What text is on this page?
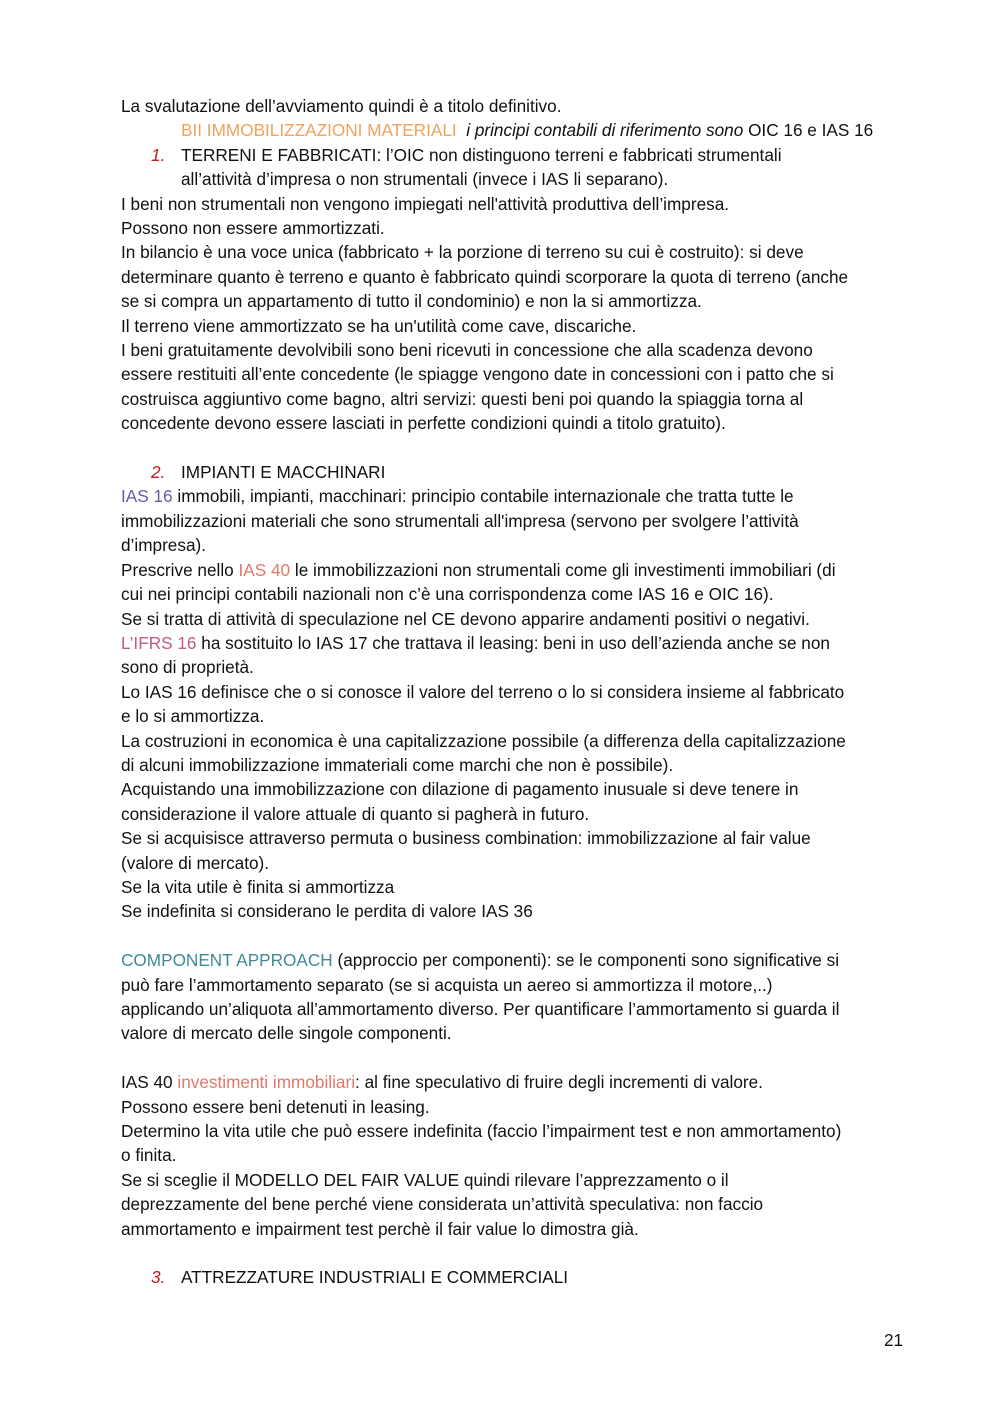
La svalutazione dell’avviamento quindi è a titolo definitivo.
BII IMMOBILIZZAZIONI MATERIALI i principi contabili di riferimento sono OIC 16 e IAS 16
1. TERRENI E FABBRICATI: l’OIC non distinguono terreni e fabbricati strumentali
all’attività d’impresa o non strumentali (invece i IAS li separano).
I beni non strumentali non vengono impiegati nell'attività produttiva dell’impresa.
Possono non essere ammortizzati.
In bilancio è una voce unica (fabbricato + la porzione di terreno su cui è costruito): si deve
determinare quanto è terreno e quanto è fabbricato quindi scorporare la quota di terreno (anche
se si compra un appartamento di tutto il condominio) e non la si ammortizza.
Il terreno viene ammortizzato se ha un'utilità come cave, discariche.
I beni gratuitamente devolvibili sono beni ricevuti in concessione che alla scadenza devono
essere restituiti all’ente concedente (le spiagge vengono date in concessioni con i patto che si
costruisca aggiuntivo come bagno, altri servizi: questi beni poi quando la spiaggia torna al
concedente devono essere lasciati in perfette condizioni quindi a titolo gratuito).
2. IMPIANTI E MACCHINARI
IAS 16 immobili, impianti, macchinari: principio contabile internazionale che tratta tutte le
immobilizzazioni materiali che sono strumentali all'impresa (servono per svolgere l’attività
d’impresa).
Prescrive nello IAS 40 le immobilizzazioni non strumentali come gli investimenti immobiliari (di
cui nei principi contabili nazionali non c’è una corrispondenza come IAS 16 e OIC 16).
Se si tratta di attività di speculazione nel CE devono apparire andamenti positivi o negativi.
L’IFRS 16 ha sostituito lo IAS 17 che trattava il leasing: beni in uso dell’azienda anche se non
sono di proprietà.
Lo IAS 16 definisce che o si conosce il valore del terreno o lo si considera insieme al fabbricato
e lo si ammortizza.
La costruzioni in economica è una capitalizzazione possibile (a differenza della capitalizzazione
di alcuni immobilizzazione immateriali come marchi che non è possibile).
Acquistando una immobilizzazione con dilazione di pagamento inusuale si deve tenere in
considerazione il valore attuale di quanto si pagherà in futuro.
Se si acquisisce attraverso permuta o business combination: immobilizzazione al fair value
(valore di mercato).
Se la vita utile è finita si ammortizza
Se indefinita si considerano le perdita di valore IAS 36
COMPONENT APPROACH (approccio per componenti): se le componenti sono significative si
può fare l’ammortamento separato (se si acquista un aereo si ammortizza il motore,..)
applicando un’aliquota all’ammortamento diverso. Per quantificare l’ammortamento si guarda il
valore di mercato delle singole componenti.
IAS 40 investimenti immobiliari: al fine speculativo di fruire degli incrementi di valore.
Possono essere beni detenuti in leasing.
Determino la vita utile che può essere indefinita (faccio l’impairment test e non ammortamento)
o finita.
Se si sceglie il MODELLO DEL FAIR VALUE quindi rilevare l’apprezzamento o il
deprezzamente del bene perché viene considerata un’attività speculativa: non faccio
ammortamento e impairment test perchè il fair value lo dimostra già.
3. ATTREZZATURE INDUSTRIALI E COMMERCIALI
21
